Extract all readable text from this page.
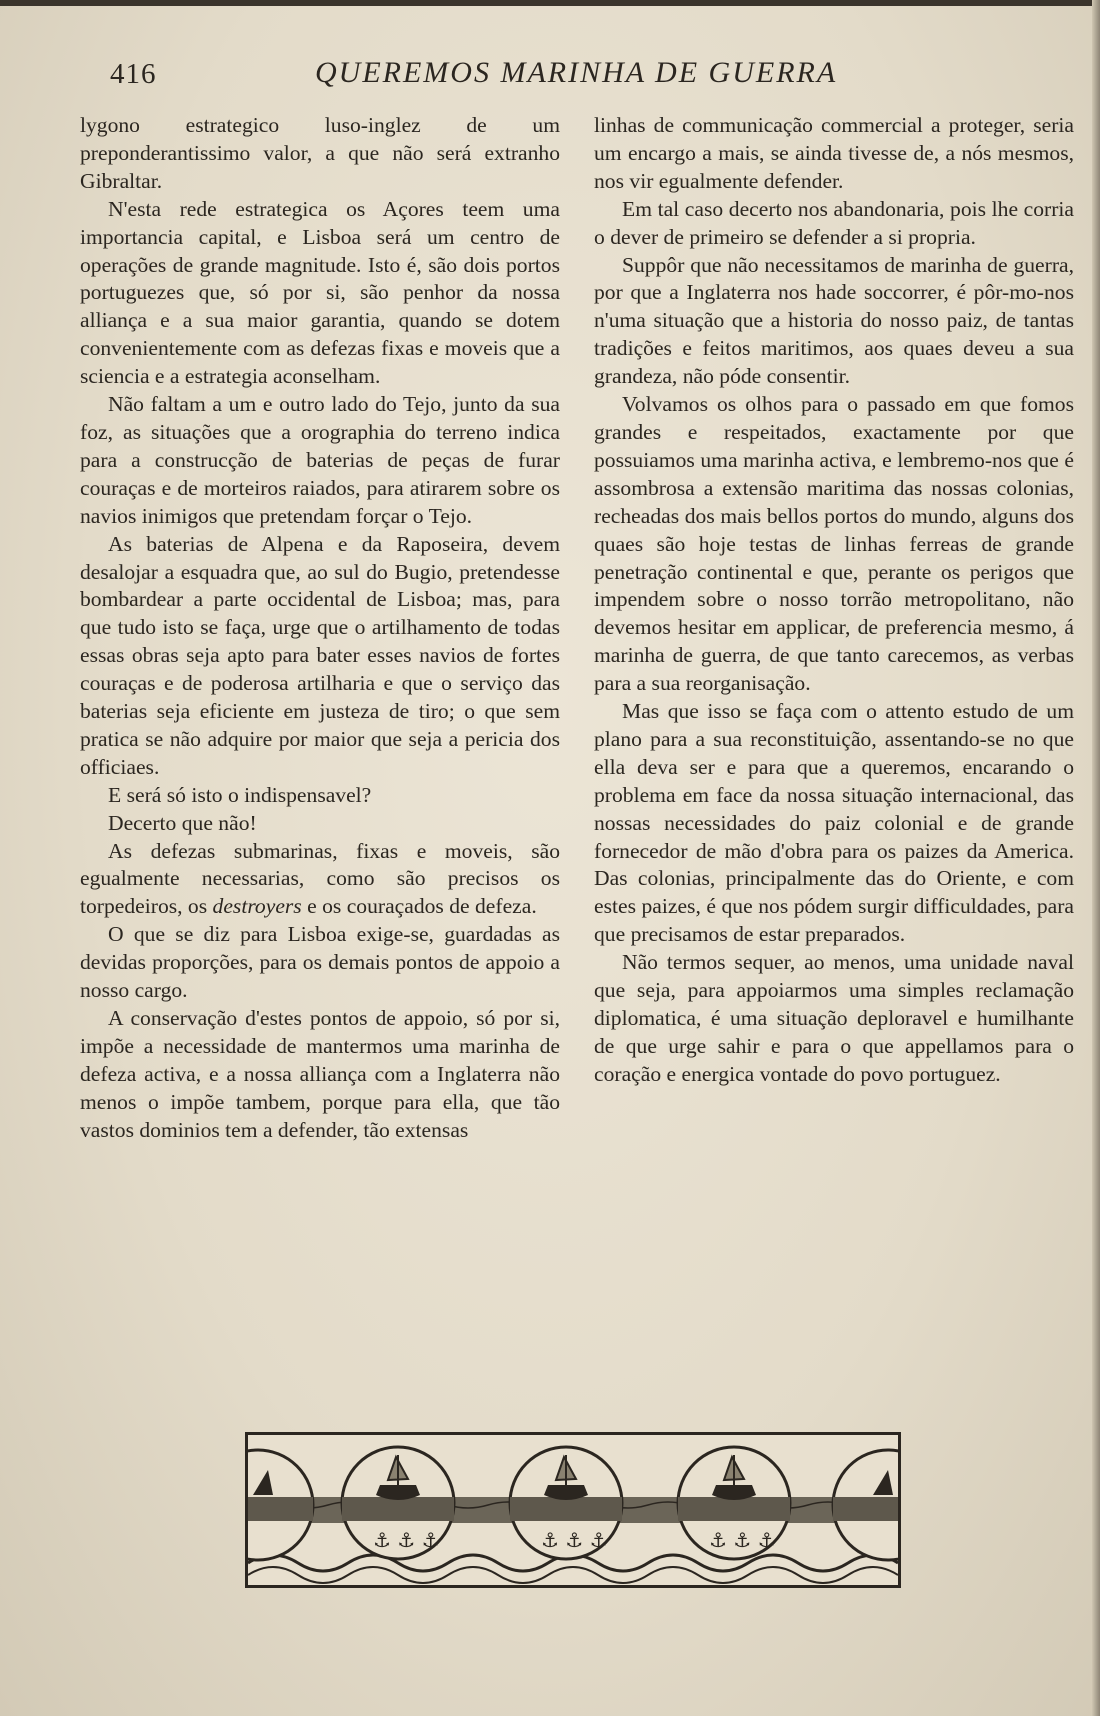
416	QUEREMOS MARINHA DE GUERRA

lygono estrategico luso-inglez de um preponderantissimo valor, a que não será extranho Gibraltar.

N'esta rede estrategica os Açores teem uma importancia capital, e Lisboa será um centro de operações de grande magnitude. Isto é, são dois portos portuguezes que, só por si, são penhor da nossa alliança e a sua maior garantia, quando se dotem convenientemente com as defezas fixas e moveis que a sciencia e a estrategia aconselham.

Não faltam a um e outro lado do Tejo, junto da sua foz, as situações que a orographia do terreno indica para a construcção de baterias de peças de furar couraças e de morteiros raiados, para atirarem sobre os navios inimigos que pretendam forçar o Tejo.

As baterias de Alpena e da Raposeira, devem desalojar a esquadra que, ao sul do Bugio, pretendesse bombardear a parte occidental de Lisboa; mas, para que tudo isto se faça, urge que o artilhamento de todas essas obras seja apto para bater esses navios de fortes couraças e de poderosa artilharia e que o serviço das baterias seja eficiente em justeza de tiro; o que sem pratica se não adquire por maior que seja a pericia dos officiaes.

E será só isto o indispensavel?

Decerto que não!

As defezas submarinas, fixas e moveis, são egualmente necessarias, como são precisos os torpedeiros, os destroyers e os couraçados de defeza.

O que se diz para Lisboa exige-se, guardadas as devidas proporções, para os demais pontos de appoio a nosso cargo.

A conservação d'estes pontos de appoio, só por si, impõe a necessidade de mantermos uma marinha de defeza activa, e a nossa alliança com a Inglaterra não menos o impõe tambem, porque para ella, que tão vastos dominios tem a defender, tão extensas

linhas de communicação commercial a proteger, seria um encargo a mais, se ainda tivesse de, a nós mesmos, nos vir egualmente defender.

Em tal caso decerto nos abandonaria, pois lhe corria o dever de primeiro se defender a si propria.

Suppôr que não necessitamos de marinha de guerra, por que a Inglaterra nos hade soccorrer, é pôr-mo-nos n'uma situação que a historia do nosso paiz, de tantas tradições e feitos maritimos, aos quaes deveu a sua grandeza, não póde consentir.

Volvamos os olhos para o passado em que fomos grandes e respeitados, exactamente por que possuiamos uma marinha activa, e lembremo-nos que é assombrosa a extensão maritima das nossas colonias, recheadas dos mais bellos portos do mundo, alguns dos quaes são hoje testas de linhas ferreas de grande penetração continental e que, perante os perigos que impendem sobre o nosso torrão metropolitano, não devemos hesitar em applicar, de preferencia mesmo, á marinha de guerra, de que tanto carecemos, as verbas para a sua reorganisação.

Mas que isso se faça com o attento estudo de um plano para a sua reconstituição, assentando-se no que ella deva ser e para que a queremos, encarando o problema em face da nossa situação internacional, das nossas necessidades do paiz colonial e de grande fornecedor de mão d'obra para os paizes da America. Das colonias, principalmente das do Oriente, e com estes paizes, é que nos pódem surgir difficuldades, para que precisamos de estar preparados.

Não termos sequer, ao menos, uma unidade naval que seja, para appoiarmos uma simples reclamação diplomatica, é uma situação deploravel e humilhante de que urge sahir e para o que appellamos para o coração e energica vontade do povo portuguez.

⚓ ⚓ ⚓	⚓ ⚓ ⚓	⚓ ⚓ ⚓
